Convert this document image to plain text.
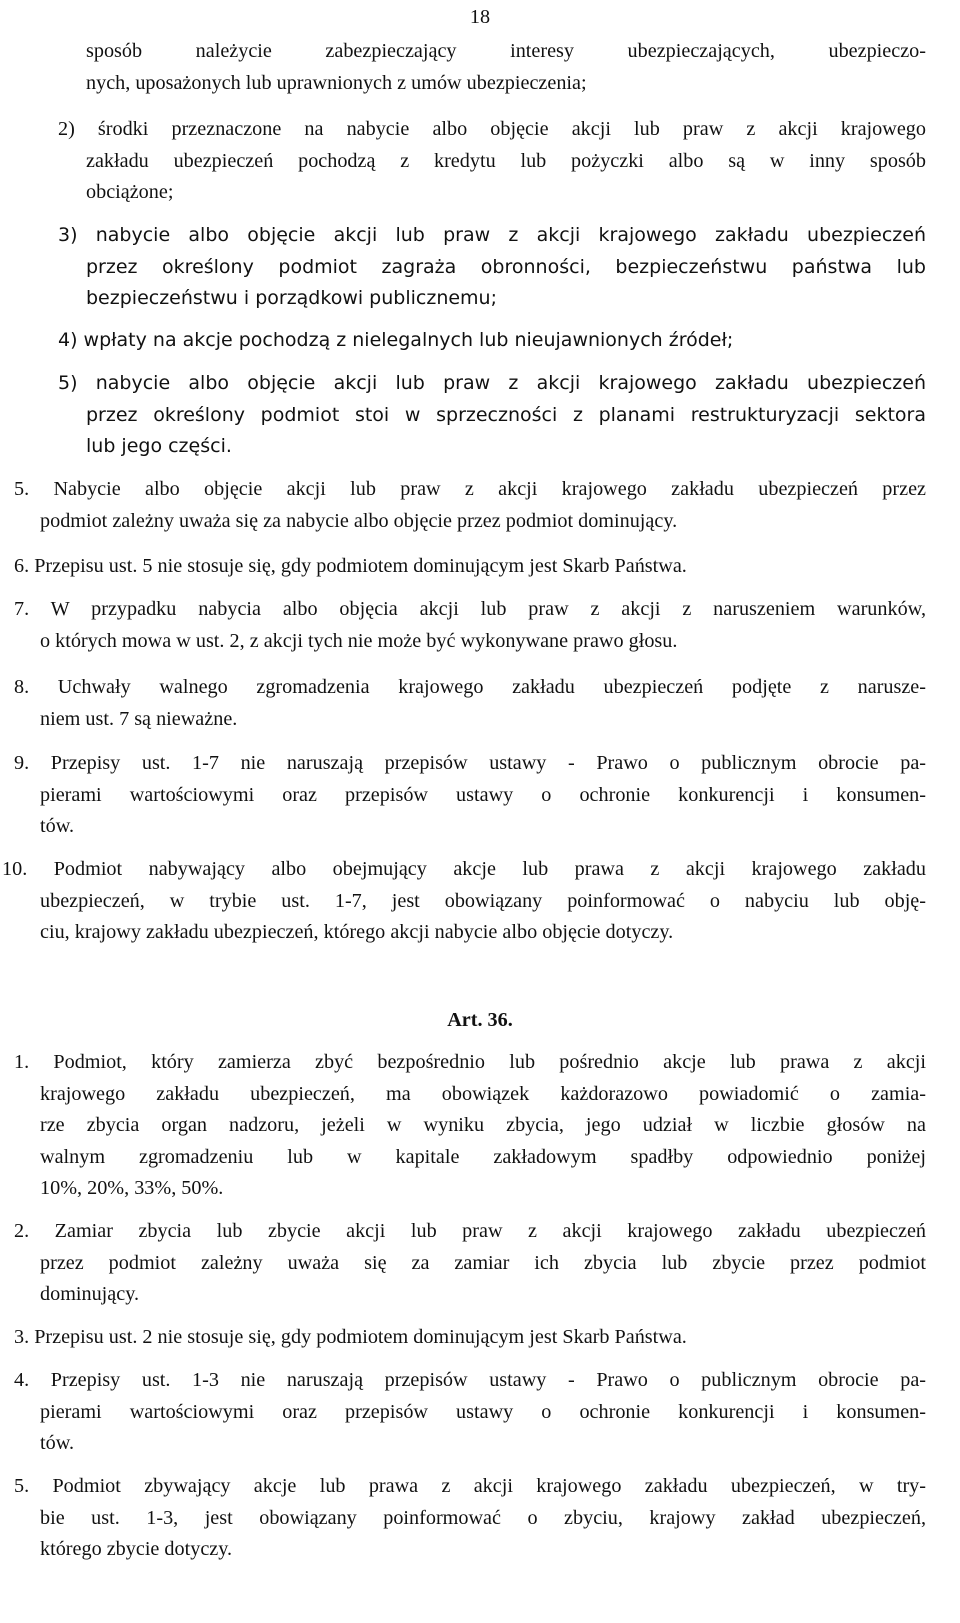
18
sposób należycie zabezpieczający interesy ubezpieczających, ubezpieczo-
nych, uposażonych lub uprawnionych z umów ubezpieczenia;
2) środki przeznaczone na nabycie albo objęcie akcji lub praw z akcji krajowego
zakładu ubezpieczeń pochodzą z kredytu lub pożyczki albo są w inny sposób
obciążone;
3) nabycie albo objęcie akcji lub praw z akcji krajowego zakładu ubezpieczeń
przez określony podmiot zagraża obronności, bezpieczeństwu państwa lub
bezpieczeństwu i porządkowi publicznemu;
4) wpłaty na akcje pochodzą z nielegalnych lub nieujawnionych źródeł;
5) nabycie albo objęcie akcji lub praw z akcji krajowego zakładu ubezpieczeń
przez określony podmiot stoi w sprzeczności z planami restrukturyzacji sektora
lub jego części.
5. Nabycie albo objęcie akcji lub praw z akcji krajowego zakładu ubezpieczeń przez
podmiot zależny uważa się za nabycie albo objęcie przez podmiot dominujący.
6. Przepisu ust. 5 nie stosuje się, gdy podmiotem dominującym jest Skarb Państwa.
7. W przypadku nabycia albo objęcia akcji lub praw z akcji z naruszeniem warunków,
o których mowa w ust. 2, z akcji tych nie może być wykonywane prawo głosu.
8. Uchwały walnego zgromadzenia krajowego zakładu ubezpieczeń podjęte z narusze-
niem ust. 7 są nieważne.
9. Przepisy ust. 1-7 nie naruszają przepisów ustawy - Prawo o publicznym obrocie pa-
pierami wartościowymi oraz przepisów ustawy o ochronie konkurencji i konsumen-
tów.
10. Podmiot nabywający albo obejmujący akcje lub prawa z akcji krajowego zakładu
ubezpieczeń, w trybie ust. 1-7, jest obowiązany poinformować o nabyciu lub obję-
ciu, krajowy zakładu ubezpieczeń, którego akcji nabycie albo objęcie dotyczy.
Art. 36.
1. Podmiot, który zamierza zbyć bezpośrednio lub pośrednio akcje lub prawa z akcji
krajowego zakładu ubezpieczeń, ma obowiązek każdorazowo powiadomić o zamia-
rze zbycia organ nadzoru, jeżeli w wyniku zbycia, jego udział w liczbie głosów na
walnym zgromadzeniu lub w kapitale zakładowym spadłby odpowiednio poniżej
10%, 20%, 33%, 50%.
2. Zamiar zbycia lub zbycie akcji lub praw z akcji krajowego zakładu ubezpieczeń
przez podmiot zależny uważa się za zamiar ich zbycia lub zbycie przez podmiot
dominujący.
3. Przepisu ust. 2 nie stosuje się, gdy podmiotem dominującym jest Skarb Państwa.
4. Przepisy ust. 1-3 nie naruszają przepisów ustawy - Prawo o publicznym obrocie pa-
pierami wartościowymi oraz przepisów ustawy o ochronie konkurencji i konsumen-
tów.
5. Podmiot zbywający akcje lub prawa z akcji krajowego zakładu ubezpieczeń, w try-
bie ust. 1-3, jest obowiązany poinformować o zbyciu, krajowy zakład ubezpieczeń,
którego zbycie dotyczy.
